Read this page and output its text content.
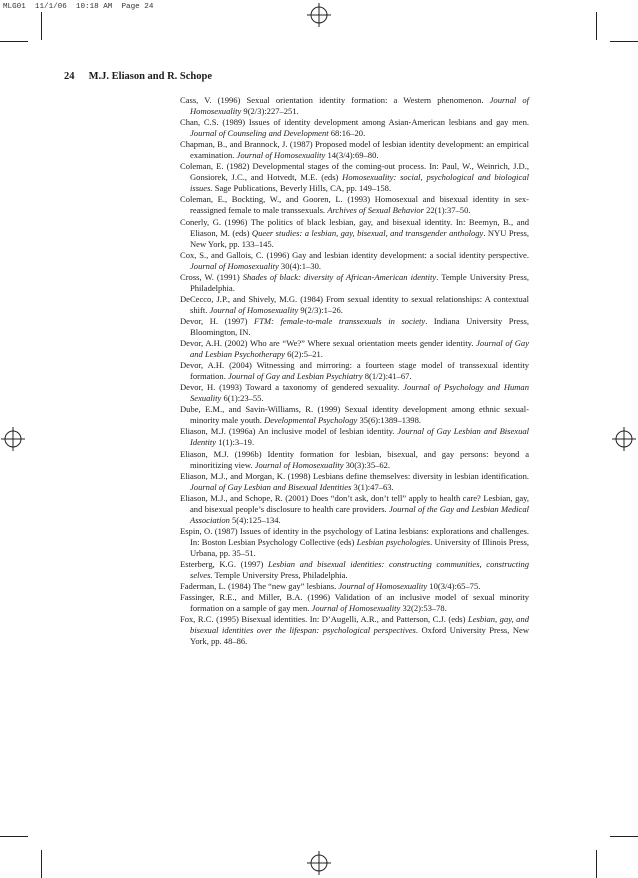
MLG01  11/1/06  10:18 AM  Page 24
24 M.J. Eliason and R. Schope
Cass, V. (1996) Sexual orientation identity formation: a Western phenomenon. Journal of Homosexuality 9(2/3):227–251.
Chan, C.S. (1989) Issues of identity development among Asian-American lesbians and gay men. Journal of Counseling and Development 68:16–20.
Chapman, B., and Brannock, J. (1987) Proposed model of lesbian identity development: an empirical examination. Journal of Homosexuality 14(3/4):69–80.
Coleman, E. (1982) Developmental stages of the coming-out process. In: Paul, W., Weinrich, J.D., Gonsiorek, J.C., and Hotvedt, M.E. (eds) Homosexuality: social, psychological and biological issues. Sage Publications, Beverly Hills, CA, pp. 149–158.
Coleman, E., Bockting, W., and Gooren, L. (1993) Homosexual and bisexual identity in sex-reassigned female to male transsexuals. Archives of Sexual Behavior 22(1):37–50.
Conerly, G. (1996) The politics of black lesbian, gay, and bisexual identity. In: Beemyn, B., and Eliason, M. (eds) Queer studies: a lesbian, gay, bisexual, and transgender anthology. NYU Press, New York, pp. 133–145.
Cox, S., and Gallois, C. (1996) Gay and lesbian identity development: a social identity perspective. Journal of Homosexuality 30(4):1–30.
Cross, W. (1991) Shades of black: diversity of African-American identity. Temple University Press, Philadelphia.
DeCecco, J.P., and Shively, M.G. (1984) From sexual identity to sexual relationships: A contextual shift. Journal of Homosexuality 9(2/3):1–26.
Devor, H. (1997) FTM: female-to-male transsexuals in society. Indiana University Press, Bloomington, IN.
Devor, A.H. (2002) Who are “We?” Where sexual orientation meets gender identity. Journal of Gay and Lesbian Psychotherapy 6(2):5–21.
Devor, A.H. (2004) Witnessing and mirroring: a fourteen stage model of transsexual identity formation. Journal of Gay and Lesbian Psychiatry 8(1/2):41–67.
Devor, H. (1993) Toward a taxonomy of gendered sexuality. Journal of Psychology and Human Sexuality 6(1):23–55.
Dube, E.M., and Savin-Williams, R. (1999) Sexual identity development among ethnic sexual-minority male youth. Developmental Psychology 35(6):1389–1398.
Eliason, M.J. (1996a) An inclusive model of lesbian identity. Journal of Gay Lesbian and Bisexual Identity 1(1):3–19.
Eliason, M.J. (1996b) Identity formation for lesbian, bisexual, and gay persons: beyond a minoritizing view. Journal of Homosexuality 30(3):35–62.
Eliason, M.J., and Morgan, K. (1998) Lesbians define themselves: diversity in lesbian identification. Journal of Gay Lesbian and Bisexual Identities 3(1):47–63.
Eliason, M.J., and Schope, R. (2001) Does “don’t ask, don’t tell” apply to health care? Lesbian, gay, and bisexual people’s disclosure to health care providers. Journal of the Gay and Lesbian Medical Association 5(4):125–134.
Espin, O. (1987) Issues of identity in the psychology of Latina lesbians: explorations and challenges. In: Boston Lesbian Psychology Collective (eds) Lesbian psychologies. University of Illinois Press, Urbana, pp. 35–51.
Esterberg, K.G. (1997) Lesbian and bisexual identities: constructing communities, constructing selves. Temple University Press, Philadelphia.
Faderman, L. (1984) The “new gay” lesbians. Journal of Homosexuality 10(3/4):65–75.
Fassinger, R.E., and Miller, B.A. (1996) Validation of an inclusive model of sexual minority formation on a sample of gay men. Journal of Homosexuality 32(2):53–78.
Fox, R.C. (1995) Bisexual identities. In: D’Augelli, A.R., and Patterson, C.J. (eds) Lesbian, gay, and bisexual identities over the lifespan: psychological perspectives. Oxford University Press, New York, pp. 48–86.
